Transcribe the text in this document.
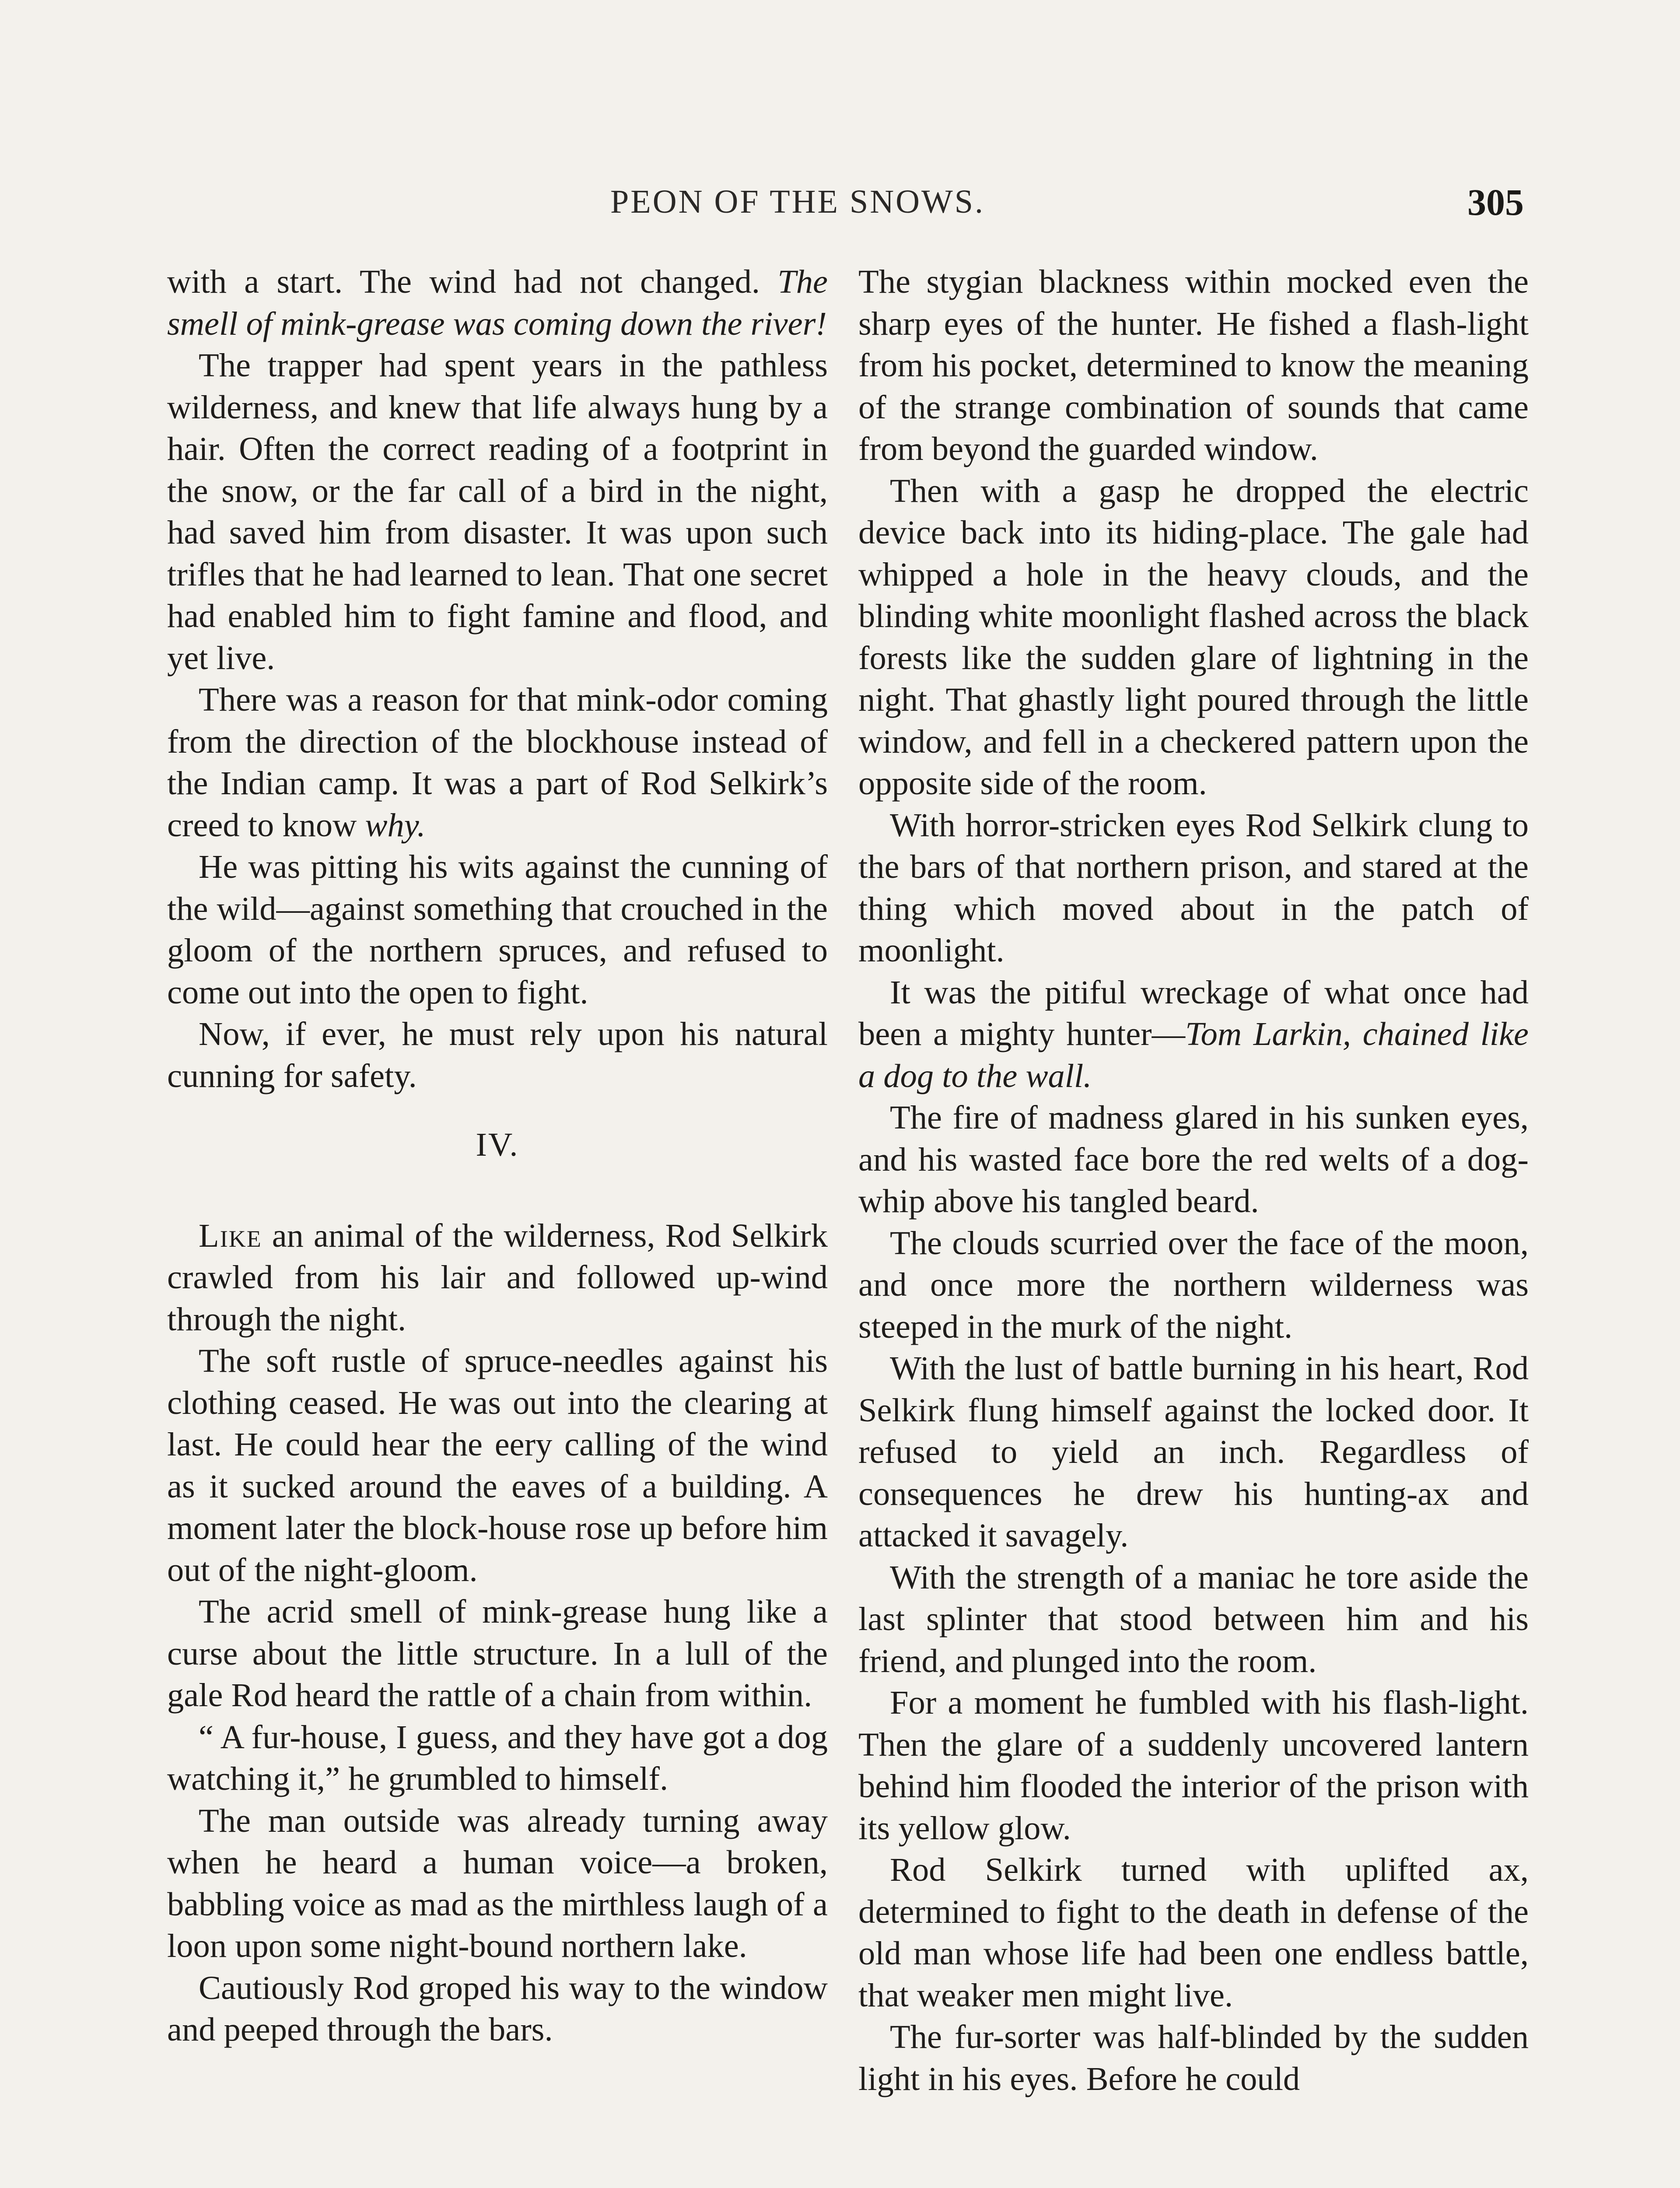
PEON OF THE SNOWS.	305

with a start. The wind had not changed. The smell of mink-grease was coming down the river!

The trapper had spent years in the pathless wilderness, and knew that life always hung by a hair. Often the correct reading of a footprint in the snow, or the far call of a bird in the night, had saved him from disaster. It was upon such trifles that he had learned to lean. That one secret had enabled him to fight famine and flood, and yet live.

There was a reason for that mink-odor coming from the direction of the blockhouse instead of the Indian camp. It was a part of Rod Selkirk’s creed to know why.

He was pitting his wits against the cunning of the wild—against something that crouched in the gloom of the northern spruces, and refused to come out into the open to fight.

Now, if ever, he must rely upon his natural cunning for safety.

IV.

Like an animal of the wilderness, Rod Selkirk crawled from his lair and followed up-wind through the night.

The soft rustle of spruce-needles against his clothing ceased. He was out into the clearing at last. He could hear the eery calling of the wind as it sucked around the eaves of a building. A moment later the block-house rose up before him out of the night-gloom.

The acrid smell of mink-grease hung like a curse about the little structure. In a lull of the gale Rod heard the rattle of a chain from within.

“ A fur-house, I guess, and they have got a dog watching it,” he grumbled to himself.

The man outside was already turning away when he heard a human voice—a broken, babbling voice as mad as the mirthless laugh of a loon upon some night-bound northern lake.

Cautiously Rod groped his way to the window and peeped through the bars.

The stygian blackness within mocked even the sharp eyes of the hunter. He fished a flash-light from his pocket, determined to know the meaning of the strange combination of sounds that came from beyond the guarded window.

Then with a gasp he dropped the electric device back into its hiding-place. The gale had whipped a hole in the heavy clouds, and the blinding white moonlight flashed across the black forests like the sudden glare of lightning in the night. That ghastly light poured through the little window, and fell in a checkered pattern upon the opposite side of the room.

With horror-stricken eyes Rod Selkirk clung to the bars of that northern prison, and stared at the thing which moved about in the patch of moonlight.

It was the pitiful wreckage of what once had been a mighty hunter—Tom Larkin, chained like a dog to the wall.

The fire of madness glared in his sunken eyes, and his wasted face bore the red welts of a dog-whip above his tangled beard.

The clouds scurried over the face of the moon, and once more the northern wilderness was steeped in the murk of the night.

With the lust of battle burning in his heart, Rod Selkirk flung himself against the locked door. It refused to yield an inch. Regardless of consequences he drew his hunting-ax and attacked it savagely.

With the strength of a maniac he tore aside the last splinter that stood between him and his friend, and plunged into the room.

For a moment he fumbled with his flash-light. Then the glare of a suddenly uncovered lantern behind him flooded the interior of the prison with its yellow glow.

Rod Selkirk turned with uplifted ax, determined to fight to the death in defense of the old man whose life had been one endless battle, that weaker men might live.

The fur-sorter was half-blinded by the sudden light in his eyes. Before he could
